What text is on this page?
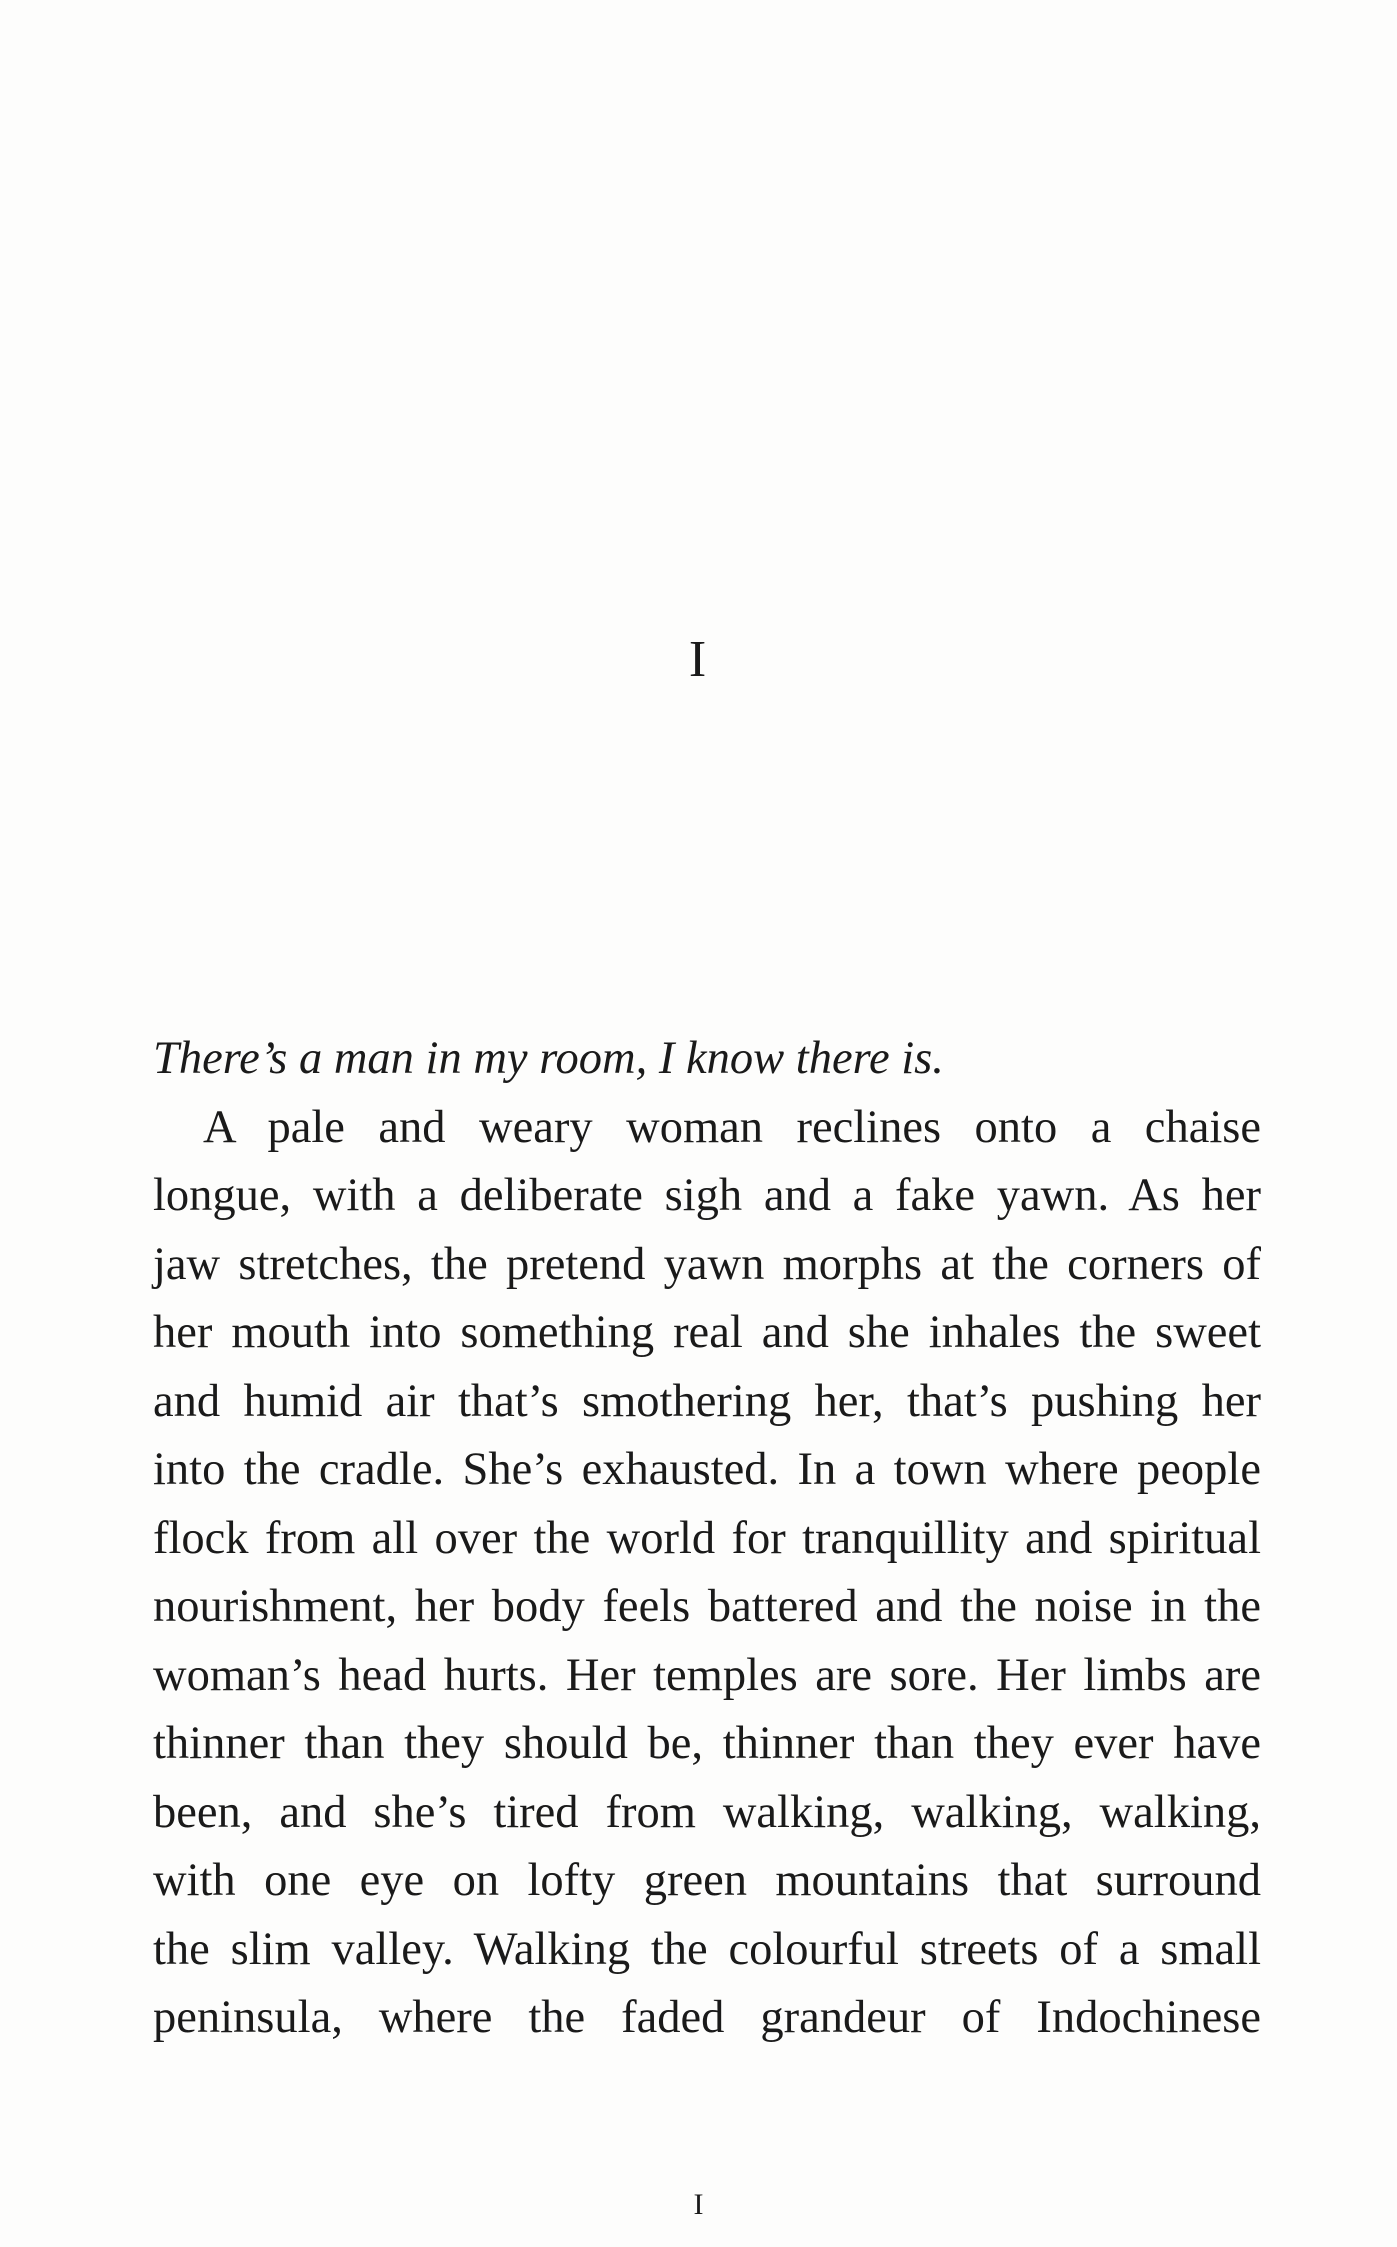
I
There’s a man in my room, I know there is.
A pale and weary woman reclines onto a chaise
longue, with a deliberate sigh and a fake yawn. As her
jaw stretches, the pretend yawn morphs at the corners of
her mouth into something real and she inhales the sweet
and humid air that’s smothering her, that’s pushing her
into the cradle. She’s exhausted. In a town where people
flock from all over the world for tranquillity and spiritual
nourishment, her body feels battered and the noise in the
woman’s head hurts. Her temples are sore. Her limbs are
thinner than they should be, thinner than they ever have
been, and she’s tired from walking, walking, walking,
with one eye on lofty green mountains that surround
the slim valley. Walking the colourful streets of a small
peninsula, where the faded grandeur of Indochinese
I
